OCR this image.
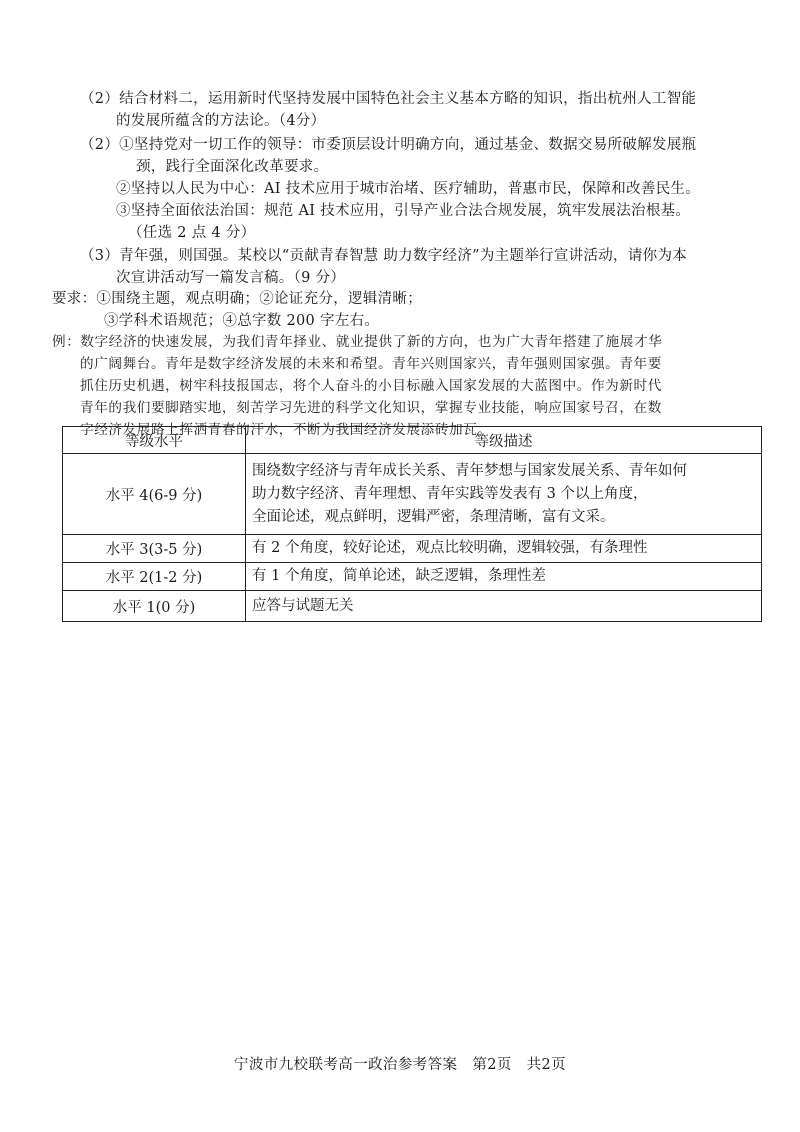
（2）结合材料二，运用新时代坚持发展中国特色社会主义基本方略的知识，指出杭州人工智能
的发展所蕴含的方法论。（4分）
（2）①坚持党对一切工作的领导：市委顶层设计明确方向，通过基金、数据交易所破解发展瓶
颈，践行全面深化改革要求。
②坚持以人民为中心：AI 技术应用于城市治堵、医疗辅助，普惠市民，保障和改善民生。
③坚持全面依法治国：规范 AI 技术应用，引导产业合法合规发展，筑牢发展法治根基。
（任选 2 点 4 分）
（3）青年强，则国强。某校以“贡献青春智慧 助力数字经济”为主题举行宣讲活动，请你为本
次宣讲活动写一篇发言稿。（9 分）
要求：①围绕主题，观点明确；②论证充分，逻辑清晰；
③学科术语规范；④总字数 200 字左右。
例：数字经济的快速发展，为我们青年择业、就业提供了新的方向，也为广大青年搭建了施展才华
的广阔舞台。青年是数字经济发展的未来和希望。青年兴则国家兴，青年强则国家强。青年要
抓住历史机遇，树牢科技报国志，将个人奋斗的小目标融入国家发展的大蓝图中。作为新时代
青年的我们要脚踏实地，刻苦学习先进的科学文化知识，掌握专业技能，响应国家号召，在数
字经济发展路上挥洒青春的汗水，不断为我国经济发展添砖加瓦。
等级水平	等级描述
水平 4(6-9 分)	围绕数字经济与青年成长关系、青年梦想与国家发展关系、青年如何
助力数字经济、青年理想、青年实践等发表有 3 个以上角度，
全面论述，观点鲜明，逻辑严密，条理清晰，富有文采。

水平 3(3-5 分)	有 2 个角度，较好论述，观点比较明确，逻辑较强，有条理性
水平 2(1-2 分)	有 1 个角度，简单论述，缺乏逻辑，条理性差
水平 1(0 分)	应答与试题无关
宁波市九校联考高一政治参考答案　第2页　共2页
